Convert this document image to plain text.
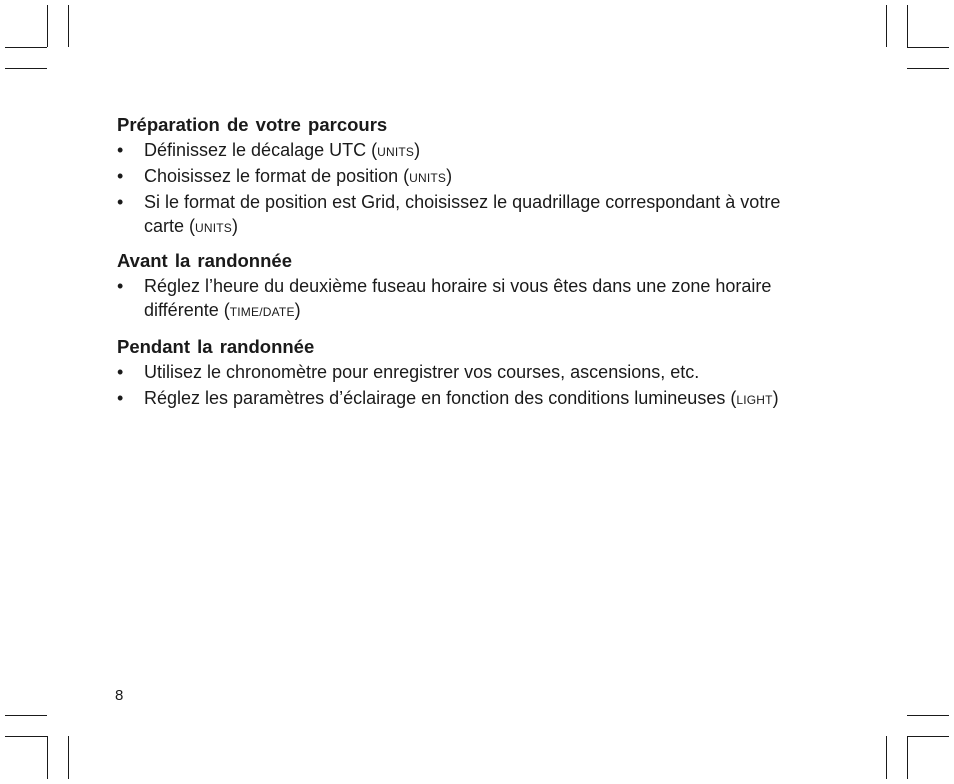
Préparation de votre parcours
• Définissez le décalage UTC (UNITS)
• Choisissez le format de position (UNITS)
• Si le format de position est Grid, choisissez le quadrillage correspondant à votre carte (UNITS)
Avant la randonnée
• Réglez l’heure du deuxième fuseau horaire si vous êtes dans une zone horaire différente (TIME/DATE)
Pendant la randonnée
• Utilisez le chronomètre pour enregistrer vos courses, ascensions, etc.
• Réglez les paramètres d’éclairage en fonction des conditions lumineuses (LIGHT)
8
